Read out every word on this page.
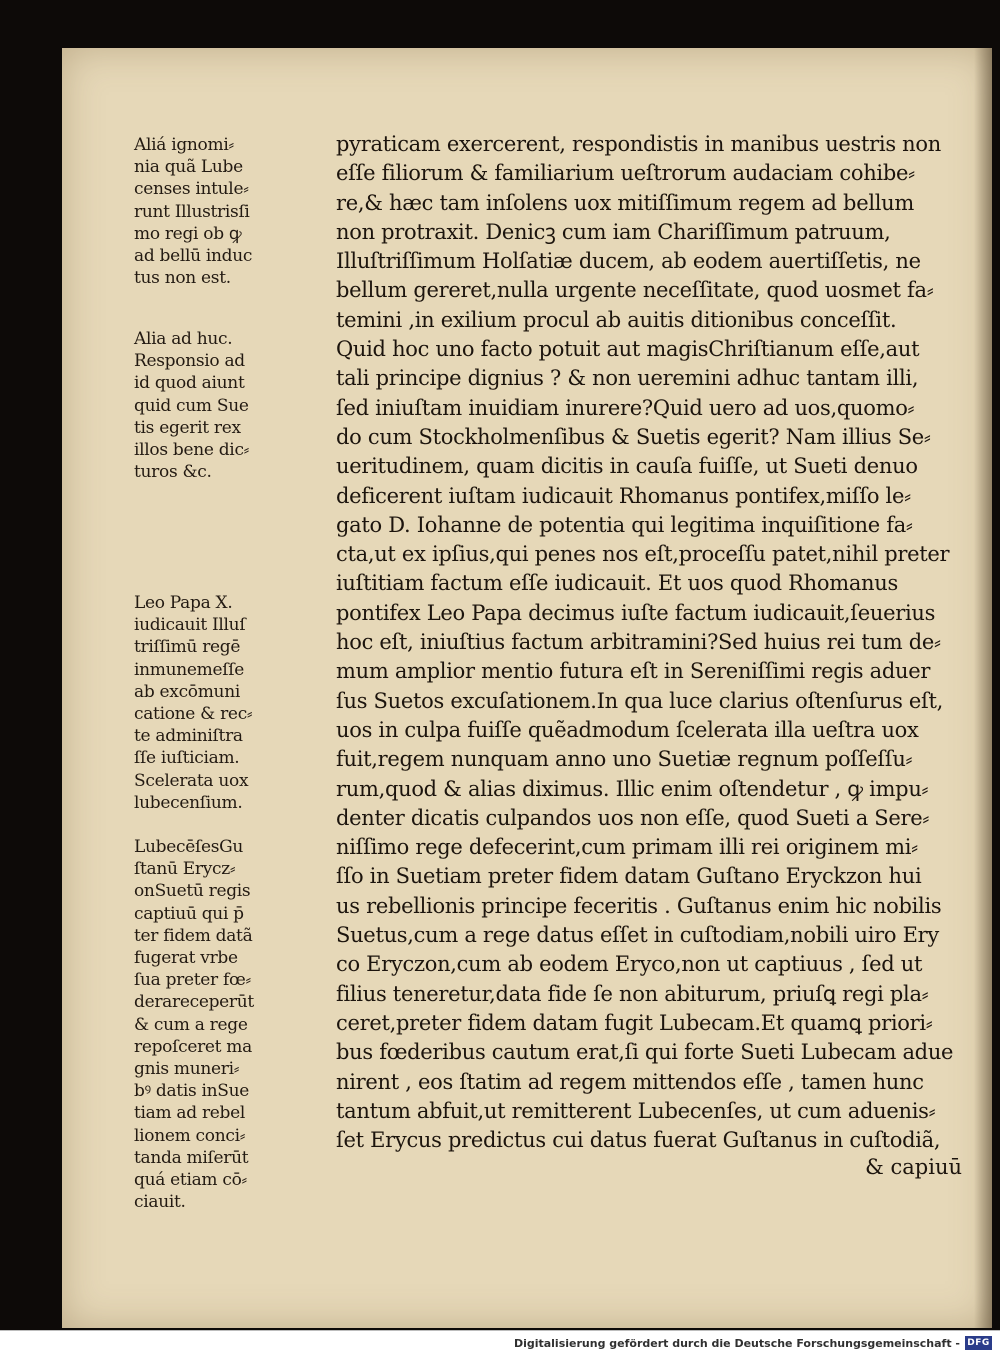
Aliá ignomi⸗
nia quã Lube
censes intule⸗
runt Illustrisſi
mo regi ob ꝙ
ad bellū induc
tus non est.
Alia ad huc.
Responsio ad
id quod aiunt
quid cum Sue
tis egerit rex
illos bene dic⸗
turos &c.
Leo Papa X.
iudicauit Illuſ
triſſimū regē
inmunemeſſe
ab excōmuni
catione & rec⸗
te adminiſtra
ſſe iuſticiam.
Scelerata uox
lubecenſium.
LubecēſesGu
ſtanū Erycz⸗
onSuetū regis
captiuū qui p̄
ter fidem datã
fugerat vrbe
ſua preter fœ⸗
derareceperūt
& cum a rege
repoſceret ma
gnis muneri⸗
bꝰ datis inSue
tiam ad rebel
lionem conci⸗
tanda miſerūt
quá etiam cō⸗
ciauit.
pyraticam exercerent, respondistis in manibus uestris non
eſſe filiorum & familiarium ueſtrorum audaciam cohibe⸗
re,& hæc tam inſolens uox mitiſſimum regem ad bellum
non protraxit. Denicꝫ cum iam Chariſſimum patruum,
Illuſtriſſimum Holſatiæ ducem, ab eodem auertiſſetis, ne
bellum gereret,nulla urgente neceſſitate, quod uosmet fa⸗
temini ,in exilium procul ab auitis ditionibus conceſſit.
Quid hoc uno facto potuit aut magisChriſtianum eſſe,aut
tali principe dignius ? & non ueremini adhuc tantam illi,
ſed iniuſtam inuidiam inurere?Quid uero ad uos,quomo⸗
do cum Stockholmenſibus & Suetis egerit? Nam illius Se⸗
ueritudinem, quam dicitis in cauſa fuiſſe, ut Sueti denuo
deficerent iuſtam iudicauit Rhomanus pontifex,miſſo le⸗
gato D. Iohanne de potentia qui legitima inquiſitione fa⸗
cta,ut ex ipſius,qui penes nos eſt,proceſſu patet,nihil preter
iuſtitiam factum eſſe iudicauit. Et uos quod Rhomanus
pontifex Leo Papa decimus iuſte factum iudicauit,ſeuerius
hoc eſt, iniuſtius factum arbitramini?Sed huius rei tum de⸗
mum amplior mentio futura eſt in Sereniſſimi regis aduer
ſus Suetos excuſationem.In qua luce clarius oſtenſurus eſt,
uos in culpa fuiſſe quẽadmodum ſcelerata illa ueſtra uox
fuit,regem nunquam anno uno Suetiæ regnum poſſeſſu⸗
rum,quod & alias diximus. Illic enim oſtendetur , ꝙ impu⸗
denter dicatis culpandos uos non eſſe, quod Sueti a Sere⸗
niſſimo rege defecerint,cum primam illi rei originem mi⸗
ſſo in Suetiam preter fidem datam Guſtano Eryckzon hui
us rebellionis principe feceritis . Guſtanus enim hic nobilis
Suetus,cum a rege datus eſſet in cuſtodiam,nobili uiro Ery
co Eryczon,cum ab eodem Eryco,non ut captiuus , ſed ut
filius teneretur,data fide ſe non abiturum, priuſꝗ regi pla⸗
ceret,preter fidem datam fugit Lubecam.Et quamꝗ priori⸗
bus fœderibus cautum erat,ſi qui forte Sueti Lubecam adue
nirent , eos ſtatim ad regem mittendos eſſe , tamen hunc
tantum abfuit,ut remitterent Lubecenſes, ut cum aduenis⸗
ſet Erycus predictus cui datus fuerat Guſtanus in cuſtodiã,
& capiuū
Digitalisierung gefördert durch die Deutsche Forschungsgemeinschaft - DFG
